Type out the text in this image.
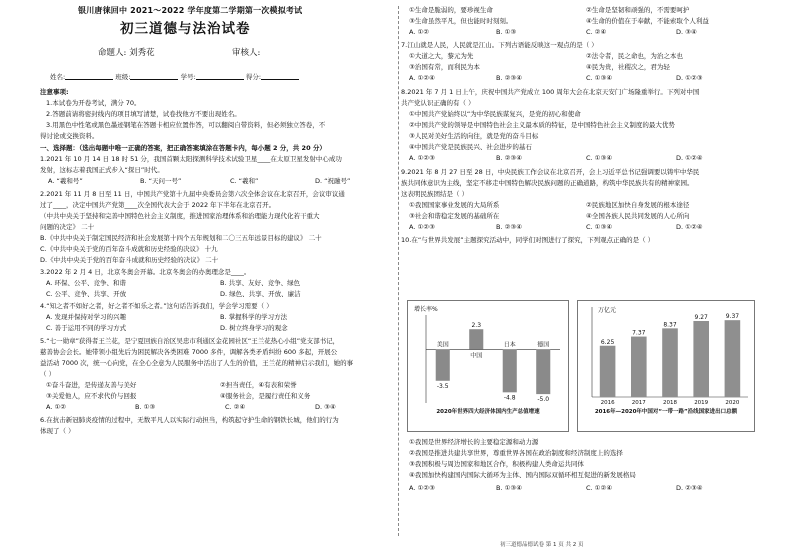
银川唐徕回中 2021～2022 学年度第二学期第一次模拟考试
初三道德与法治试卷
命题人: 刘秀花	审核人:
姓名:	班级:	学号:	得分:
注意事项:
1.本试卷为开卷考试，满分 70。
2.答题前请将密封线内的项目填写清楚，试卷找他方不要出现姓名。
3.用黑色中性笔或黑色墨迹钢笔在答题卡相应位置作答，可以翻阅自带资料，但必须独立答卷，不
得讨论或交换资料。
一、选择题：（选出每题中唯一正确的答案，把正确答案填涂在答题卡内，每小题 2 分，共 20 分）
1.2021 年 10 月 14 日 18 时 51 分，我国首颗太阳探测科学技术试验卫星____在太原卫星发射中心成功
发射，这标志着我国正式步入“探日”时代。
A. “羲和号”	B. “天问一号”	C. “羲和”	D. “祝融号”
2.2021 年 11 月 8 日至 11 日，中国共产党第十九届中央委员会第六次全体会议在北京召开，会议审议通
过了____，决定中国共产党第____次全国代表大会于 2022 年下半年在北京召开。
（中共中央关于坚持和完善中国特色社会主义制度，推进国家治理体系和治理能力现代化若干重大
问题的决定》 二十
B.《中共中央关于制定国民经济和社会发展第十四个五年规划和二〇三五年远景目标的建议》 二十
C.《中共中央关于党的百年奋斗成就和历史经验的决议》 十九
D.《中共中央关于党的百年奋斗成就和历史经验的决议》 二十
3.2022 年 2 月 4 日，北京冬奥会开幕。北京冬奥会的办奥理念是____。
A. 环保、公平、竞争、和谐	B. 共享、友好、竞争、绿色
C. 公平、竞争、共享、开放	D. 绿色、共享、开放、廉洁
4.“知之者不如好之者，好之者不如乐之者。”这句话告诉我们，学会学习需要（ ）
A. 发现并保持对学习的兴趣	B. 掌握科学的学习方法
C. 善于运用不同的学习方式	D. 树立终身学习的观念
5.“七一勋章”获得者王兰花，是宁夏回族自治区吴忠市利通区金花园社区“王兰花热心小组”党支部书记，
慈善协会会长。她带领小组先后为困民解决各类困难 7000 多件，调解各类矛盾纠纷 600 多起，开展公
益活动 7000 次，统一心向党，在全心全意为人民服务中活出了人生的价值，王兰花的精神启示我们，她的事
（ ）
①奋斗奋进，是传递友善与美好	②担当责任，④有表和荣誉
③关爱他人，应不求代价与回报	④服务社会，是履行责任和义务
A. ①②	B. ①③	C. ②④	D. ③④
6.在抗击新冠肺炎疫情的过程中，无数平凡人以实际行动担当，构筑起守护生命的钢铁长城，他们的行为
体现了（ ）
①生命是脆弱的，要珍视生命	②生命是坚韧和顽强的，不需要呵护
③生命虽然平凡，但也能时时刻刻。	④生命的价值在于奉献，不能索取个人利益
A. ①②	B. ①③	C. ②④	D. ③④
7.江山就是人民，人民就是江山。下列古语能反映这一观点的是（ ）
①大道之大，黎元为先	②法令者，民之命也，为治之本也
③治国有常，而利民为本	④民为贵，社稷次之，君为轻
A. ①②④	B. ②③④	C. ①③④	D. ①②③
8.2021 年 7 月 1 日上午，庆祝中国共产党成立 100 周年大会在北京天安门广场隆重举行。下列对中国
共产党认识正确的有（ ）
①中国共产党始终以“为中华民族谋复兴，是党的初心和使命
②中国共产党的领导是中国特色社会主义最本质的特征，是中国特色社会主义制度的最大优势
③人民对美好生活的向往，就是党的奋斗目标
④中国共产党是民族民兴、社会进步的基石
A. ①②③	B. ②③④	C. ①③④	D. ①②④
9.2021 年 8 月 27 日至 28 日，中央民族工作会议在北京召开，会上习近平总书记强调要以铸牢中华民
族共同体意识为主线，坚定不移走中国特色解决民族问题的正确道路，构筑中华民族共有的精神家园。
这表明民族团结是（ ）
①我国国家事业发展的大局所系	②民族地区加快自身发展的根本途径
③社会和谐稳定发展的基础所在	④全国各族人民共同发展的人心所向
A. ①②③	B. ②③④	C. ①③④	D. ①②④
10.在“与世界共发展”主题探究活动中，同学们对图进行了探究，下列观点正确的是（ ）
增长率%
美国
-3.5
中国
2.3
日本
-4.8
德国
-5.0
2020年世界四大经济体国内生产总值增速
万亿元
6.25
2016
7.37
2017
8.37
2018
9.27
2019
9.37
2020
2016年—2020年中国对“一带一路”沿线国家进出口总额
①我国是世界经济增长的主要稳定源和动力源
②我国是推进共建共享世界，尊重世界各国在政治制度和经济制度上的选择
③我国积极与周边国家和地区合作，积极构建人类命运共同体
④我国加快构建国内国际大循环为主体、国内国际双循环相互促进的新发展格局
A. ①②③	B. ①③④	C. ①②④	D. ②③④
初三道德品德试卷 第 1 页 共 2 页
